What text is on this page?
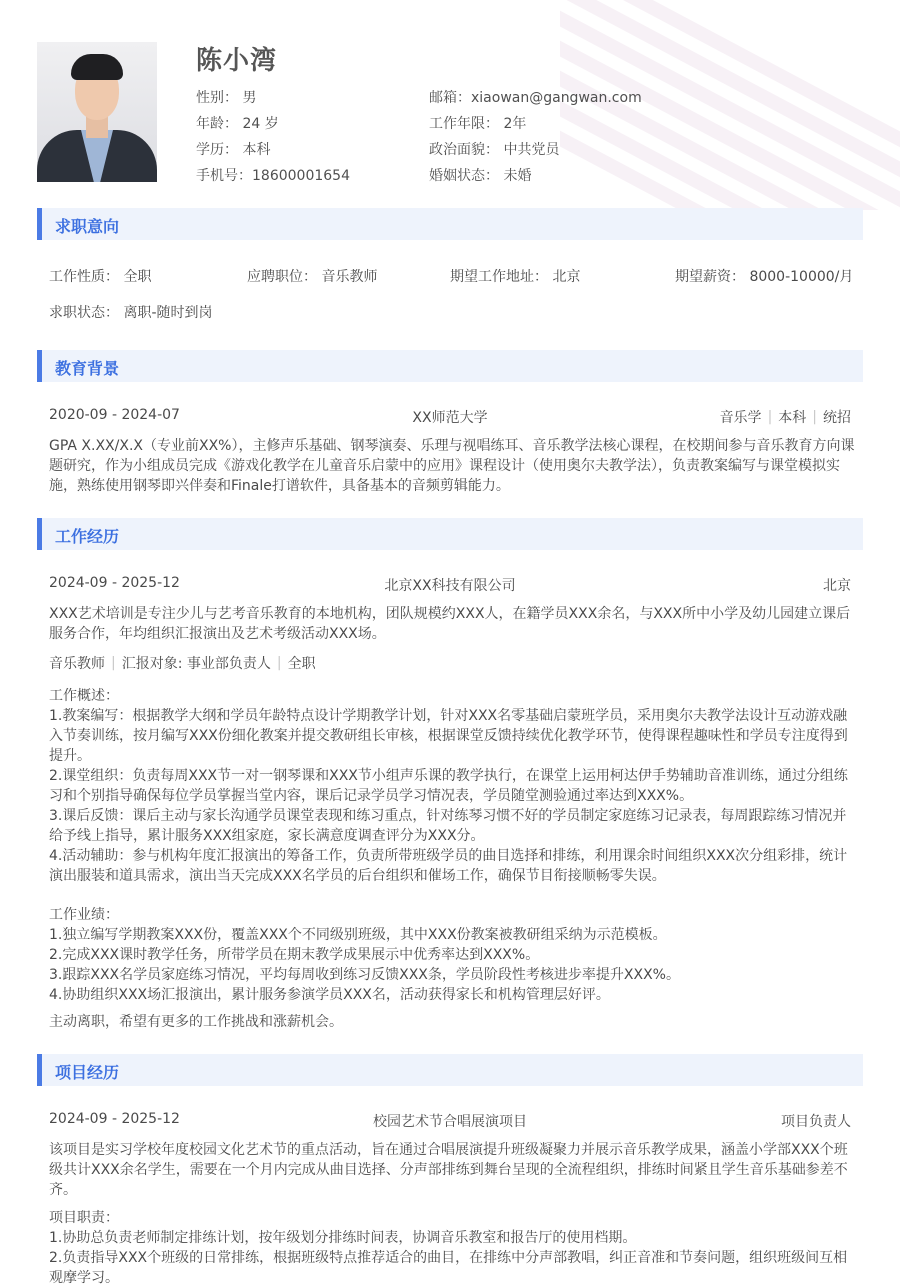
陈小湾
性别： 男
年龄： 24 岁
学历： 本科
手机号：18600001654
邮箱：xiaowan@gangwan.com
工作年限： 2年
政治面貌： 中共党员
婚姻状态： 未婚
求职意向
工作性质： 全职	应聘职位： 音乐教师	期望工作地址： 北京	期望薪资： 8000-10000/月
求职状态： 离职-随时到岗
教育背景
2020-09 - 2024-07	XX师范大学	音乐学 | 本科 | 统招
GPA X.XX/X.X（专业前XX%），主修声乐基础、钢琴演奏、乐理与视唱练耳、音乐教学法核心课程，在校期间参与音乐教育方向课题研究，作为小组成员完成《游戏化教学在儿童音乐启蒙中的应用》课程设计（使用奥尔夫教学法），负责教案编写与课堂模拟实施，熟练使用钢琴即兴伴奏和Finale打谱软件，具备基本的音频剪辑能力。
工作经历
2024-09 - 2025-12	北京XX科技有限公司	北京
XXX艺术培训是专注少儿与艺考音乐教育的本地机构，团队规模约XXX人，在籍学员XXX余名，与XXX所中小学及幼儿园建立课后服务合作，年均组织汇报演出及艺术考级活动XXX场。
音乐教师 | 汇报对象: 事业部负责人 | 全职
工作概述：
1.教案编写：根据教学大纲和学员年龄特点设计学期教学计划，针对XXX名零基础启蒙班学员，采用奥尔夫教学法设计互动游戏融入节奏训练，按月编写XXX份细化教案并提交教研组长审核，根据课堂反馈持续优化教学环节，使得课程趣味性和学员专注度得到提升。
2.课堂组织：负责每周XXX节一对一钢琴课和XXX节小组声乐课的教学执行，在课堂上运用柯达伊手势辅助音准训练，通过分组练习和个别指导确保每位学员掌握当堂内容，课后记录学员学习情况表，学员随堂测验通过率达到XXX%。
3.课后反馈：课后主动与家长沟通学员课堂表现和练习重点，针对练琴习惯不好的学员制定家庭练习记录表，每周跟踪练习情况并给予线上指导，累计服务XXX组家庭，家长满意度调查评分为XXX分。
4.活动辅助：参与机构年度汇报演出的筹备工作，负责所带班级学员的曲目选择和排练，利用课余时间组织XXX次分组彩排，统计演出服装和道具需求，演出当天完成XXX名学员的后台组织和催场工作，确保节目衔接顺畅零失误。
工作业绩：
1.独立编写学期教案XXX份，覆盖XXX个不同级别班级，其中XXX份教案被教研组采纳为示范模板。
2.完成XXX课时教学任务，所带学员在期末教学成果展示中优秀率达到XXX%。
3.跟踪XXX名学员家庭练习情况，平均每周收到练习反馈XXX条，学员阶段性考核进步率提升XXX%。
4.协助组织XXX场汇报演出，累计服务参演学员XXX名，活动获得家长和机构管理层好评。
主动离职，希望有更多的工作挑战和涨薪机会。
项目经历
2024-09 - 2025-12	校园艺术节合唱展演项目	项目负责人
该项目是实习学校年度校园文化艺术节的重点活动，旨在通过合唱展演提升班级凝聚力并展示音乐教学成果，涵盖小学部XXX个班级共计XXX余名学生，需要在一个月内完成从曲目选择、分声部排练到舞台呈现的全流程组织，排练时间紧且学生音乐基础参差不齐。
项目职责：
1.协助总负责老师制定排练计划，按年级划分排练时间表，协调音乐教室和报告厅的使用档期。
2.负责指导XXX个班级的日常排练，根据班级特点推荐适合的曲目，在排练中分声部教唱，纠正音准和节奏问题，组织班级间互相观摩学习。
